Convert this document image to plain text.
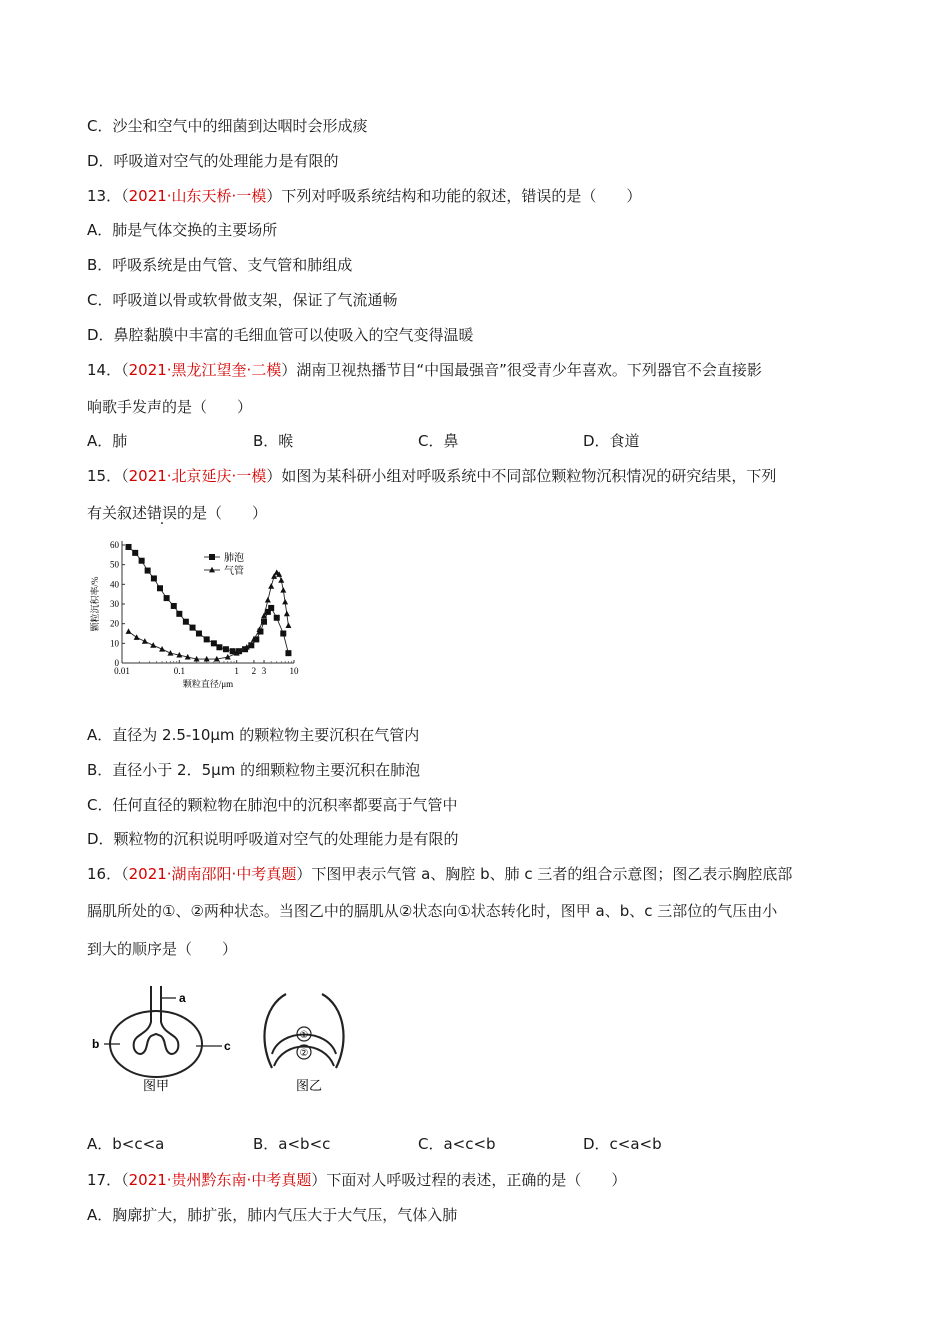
C．沙尘和空气中的细菌到达咽时会形成痰
D．呼吸道对空气的处理能力是有限的
13．（2021·山东天桥·一模）下列对呼吸系统结构和功能的叙述，错误的是（　　）
A．肺是气体交换的主要场所
B．呼吸系统是由气管、支气管和肺组成
C．呼吸道以骨或软骨做支架，保证了气流通畅
D．鼻腔黏膜中丰富的毛细血管可以使吸入的空气变得温暖
14．（2021·黑龙江望奎·二模）湖南卫视热播节目“中国最强音”很受青少年喜欢。下列器官不会直接影
响歌手发声的是（　　）
A．肺	B．喉	C．鼻	D．食道
15．（2021·北京延庆·一模）如图为某科研小组对呼吸系统中不同部位颗粒物沉积情况的研究结果，下列
有关叙述错误的是（　　）
0
10
20
30
40
50
60
0.01	0.1	1 2 3	10
颗粒直径/μm
颗粒沉积率/%
肺泡
气管
A．直径为 2.5-10μm 的颗粒物主要沉积在气管内
B．直径小于 2．5μm 的细颗粒物主要沉积在肺泡
C．任何直径的颗粒物在肺泡中的沉积率都要高于气管中
D．颗粒物的沉积说明呼吸道对空气的处理能力是有限的
16．（2021·湖南邵阳·中考真题）下图甲表示气管 a、胸腔 b、肺 c 三者的组合示意图；图乙表示胸腔底部
膈肌所处的①、②两种状态。当图乙中的膈肌从②状态向①状态转化时，图甲 a、b、c 三部位的气压由小
到大的顺序是（　　）
a
b	c
图甲
①
②
图乙
A．b<c<a	B．a<b<c	C．a<c<b	D．c<a<b
17．（2021·贵州黔东南·中考真题）下面对人呼吸过程的表述，正确的是（　　）
A．胸廓扩大，肺扩张，肺内气压大于大气压，气体入肺
